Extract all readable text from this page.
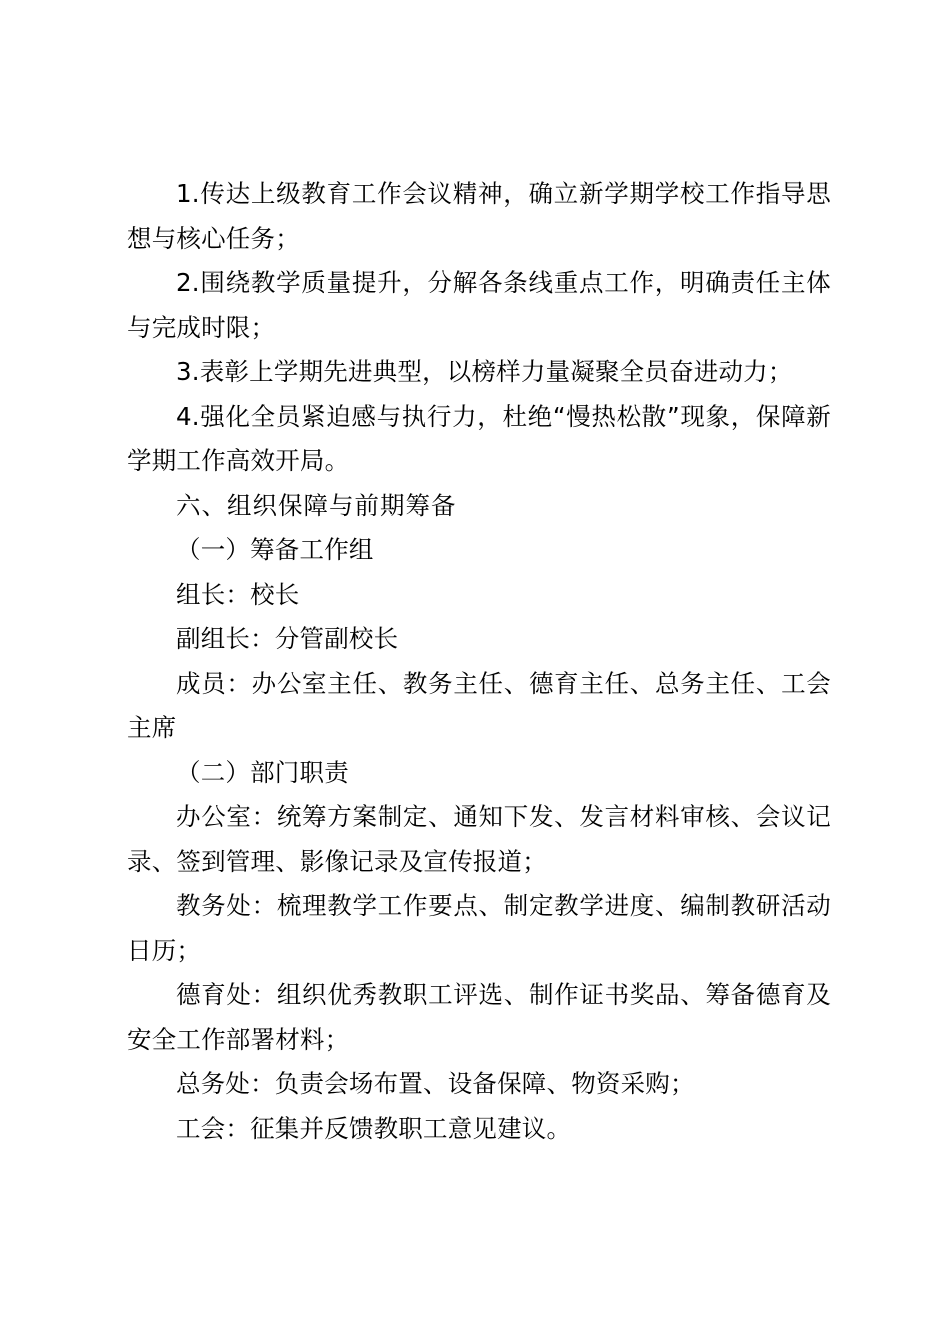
1.传达上级教育工作会议精神，确立新学期学校工作指导思想与核心任务；

2.围绕教学质量提升，分解各条线重点工作，明确责任主体与完成时限；

3.表彰上学期先进典型，以榜样力量凝聚全员奋进动力；

4.强化全员紧迫感与执行力，杜绝“慢热松散”现象，保障新学期工作高效开局。

六、组织保障与前期筹备

（一）筹备工作组

组长：校长

副组长：分管副校长

成员：办公室主任、教务主任、德育主任、总务主任、工会主席

（二）部门职责

办公室：统筹方案制定、通知下发、发言材料审核、会议记录、签到管理、影像记录及宣传报道；

教务处：梳理教学工作要点、制定教学进度、编制教研活动日历；

德育处：组织优秀教职工评选、制作证书奖品、筹备德育及安全工作部署材料；

总务处：负责会场布置、设备保障、物资采购；

工会：征集并反馈教职工意见建议。
